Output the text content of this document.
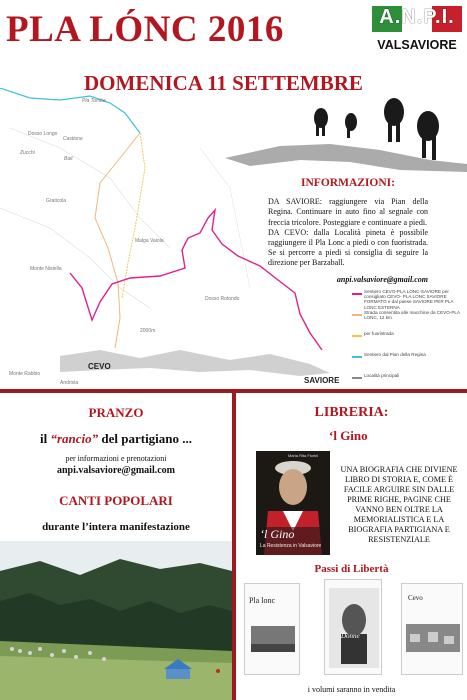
PLA LÓNC 2016	A.N.P.I.
VALSAVIORE
DOMENICA 11 SETTEMBRE
Pla Tombe
Dosso Longo
Castione
Zucchi
Bait
Graticola
Malga Vaiola
Monte Nistella
Dosso Rotondo
2000m
Andrista
Monte Rabbio
CEVO
SAVIORE
INFORMAZIONI:

DA SAVIORE: raggiungere via Pian della Regina. Continuare in auto fino al segnale con freccia tricolore. Posteggiare e continuare a piedi.

DA CEVO: dalla Località pineta è possibile raggiungere il Pla Lonc a piedi o con fuoristrada. Se si percorre a piedi si consiglia di seguire la direzione per Barzaball.

anpi.valsaviore@gmail.com
Sentiero CEVO-PLA LONC-SAVIORE per consigliato CEVO- PLA LONC SAVIORE FORMATO e dal paese SAVIORE PER PLA LONC ESTERNA
Strada consentita alle macchine da CEVO-PLA LONC, 12 km
per fuoristrada
Sentiero dal Pian della Regina
Località principali
PRANZO
il “rancio” del partigiano ...
per informazioni e prenotazioni
anpi.valsaviore@gmail.com
CANTI POPOLARI
durante l’intera manifestazione
LIBRERIA:
‘l Gino
Maria Rita Fiorini
‘l Gino
La Resistenza in Valsaviore
UNA BIOGRAFIA CHE DIVIENE LIBRO DI STORIA E, COME È FACILE ARGUIRE SIN DALLE PRIME RIGHE, PAGINE CHE VANNO BEN OLTRE LA MEMORIALISTICA E LA BIOGRAFIA PARTIGIANA E RESISTENZIALE
Passi di Libertà
Pla lonc
Donne
Cevo
i volumi saranno in vendita
